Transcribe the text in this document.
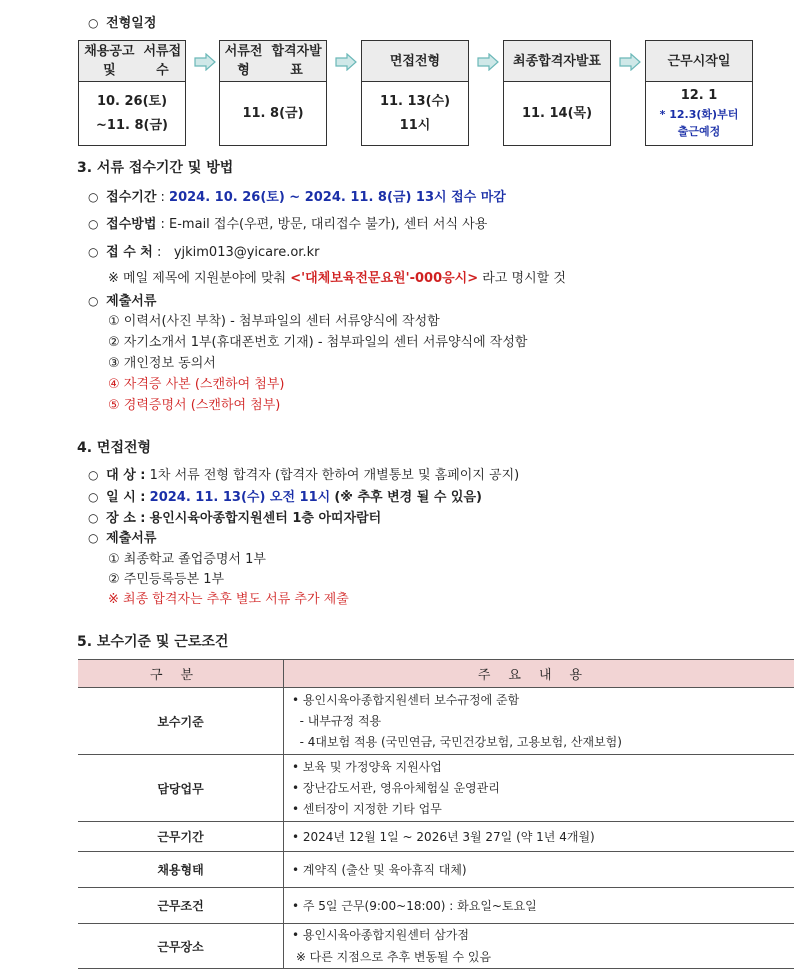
○ 전형일정
채용공고 및
서류접수
10. 26(토)
~11. 8(금)
서류전형
합격자발표
11. 8(금)
면접전형
11. 13(수)
11시
최종합격자 발표
11. 14(목)
근무시작일
12. 1
* 12.3(화)부터
출근예정
3. 서류 접수기간 및 방법
○ 접수기간 : 2024. 10. 26(토) ~ 2024. 11. 8(금) 13시 접수 마감
○ 접수방법 : E-mail 접수(우편, 방문, 대리접수 불가), 센터 서식 사용
○ 접 수 처 :   yjkim013@yicare.or.kr
※ 메일 제목에 지원분야에 맞춰 <'대체보육전문요원'-000응시> 라고 명시할 것
○ 제출서류
① 이력서(사진 부착) - 첨부파일의 센터 서류양식에 작성함
② 자기소개서 1부(휴대폰번호 기재) - 첨부파일의 센터 서류양식에 작성함
③ 개인정보 동의서
④ 자격증 사본 (스캔하여 첨부)
⑤ 경력증명서 (스캔하여 첨부)
4. 면접전형
○ 대 상 : 1차 서류 전형 합격자 (합격자 한하여 개별통보 및 홈페이지 공지)
○ 일 시 : 2024. 11. 13(수) 오전 11시 (※ 추후 변경 될 수 있음)
○ 장 소 : 용인시육아종합지원센터 1층 아띠자람터
○ 제출서류
① 최종학교 졸업증명서 1부
② 주민등록등본 1부
※ 최종 합격자는 추후 별도 서류 추가 제출
5. 보수기준 및 근로조건
구분	주요내용
보수기준	• 용인시육아종합지원센터 보수규정에 준함
- 내부규정 적용
- 4대보험 적용 (국민연금, 국민건강보험, 고용보험, 산재보험)

담당업무	• 보육 및 가정양육 지원사업
• 장난감도서관, 영유아체험실 운영관리
• 센터장이 지정한 기타 업무

근무기간	• 2024년 12월 1일 ~ 2026년 3월 27일 (약 1년 4개월)

채용형태	• 계약직 (출산 및 육아휴직 대체)

근무조건	• 주 5일 근무(9:00~18:00) : 화요일~토요일

근무장소	• 용인시육아종합지원센터 삼가점
※ 다른 지점으로 추후 변동될 수 있음
